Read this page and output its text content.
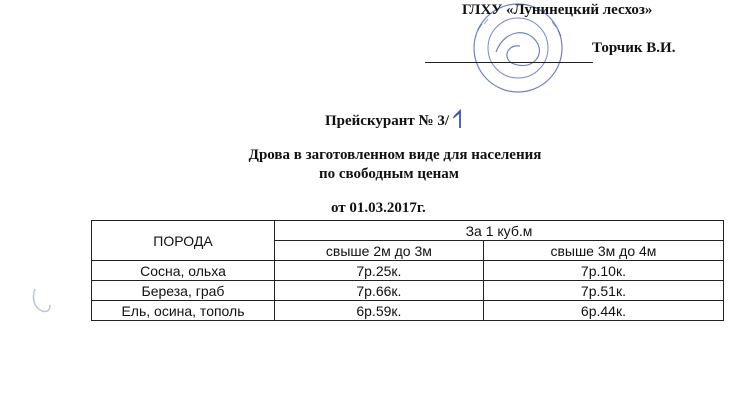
ГЛХУ «Лунинецкий лесхоз»
Торчик В.И.
Прейскурант № 3/
Дрова в заготовленном виде для населения
по свободным ценам
от 01.03.2017г.
ПОРОДА	За 1 куб.м	
	свыше 2м до 3м	свыше 3м до 4м
Сосна, ольха	7р.25к.	7р.10к.
Береза, граб	7р.66к.	7р.51к.
Ель, осина, тополь	6р.59к.	6р.44к.
